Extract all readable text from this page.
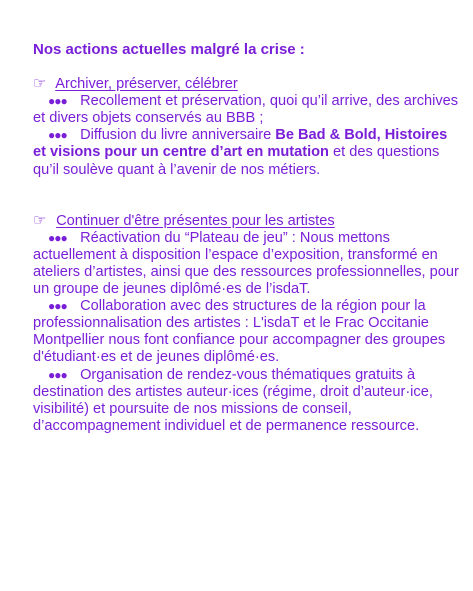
Nos actions actuelles malgré la crise :

☞ Archiver, préserver, célébrer
●●● Recollement et préservation, quoi qu’il arrive, des archives et divers objets conservés au BBB ;
●●● Diffusion du livre anniversaire Be Bad & Bold, Histoires et visions pour un centre d’art en mutation et des questions qu’il soulève quant à l’avenir de nos métiers.
☞ Continuer d'être présentes pour les artistes
●●● Réactivation du “Plateau de jeu” : Nous mettons actuellement à disposition l’espace d’exposition, transformé en ateliers d’artistes, ainsi que des ressources professionnelles, pour un groupe de jeunes diplômé·es de l’isdaT.
●●● Collaboration avec des structures de la région pour la professionnalisation des artistes : L'isdaT et le Frac Occitanie Montpellier nous font confiance pour accompagner des groupes d'étudiant·es et de jeunes diplômé·es.
●●● Organisation de rendez-vous thématiques gratuits à destination des artistes auteur·ices (régime, droit d’auteur·ice, visibilité) et poursuite de nos missions de conseil, d’accompagnement individuel et de permanence ressource.
